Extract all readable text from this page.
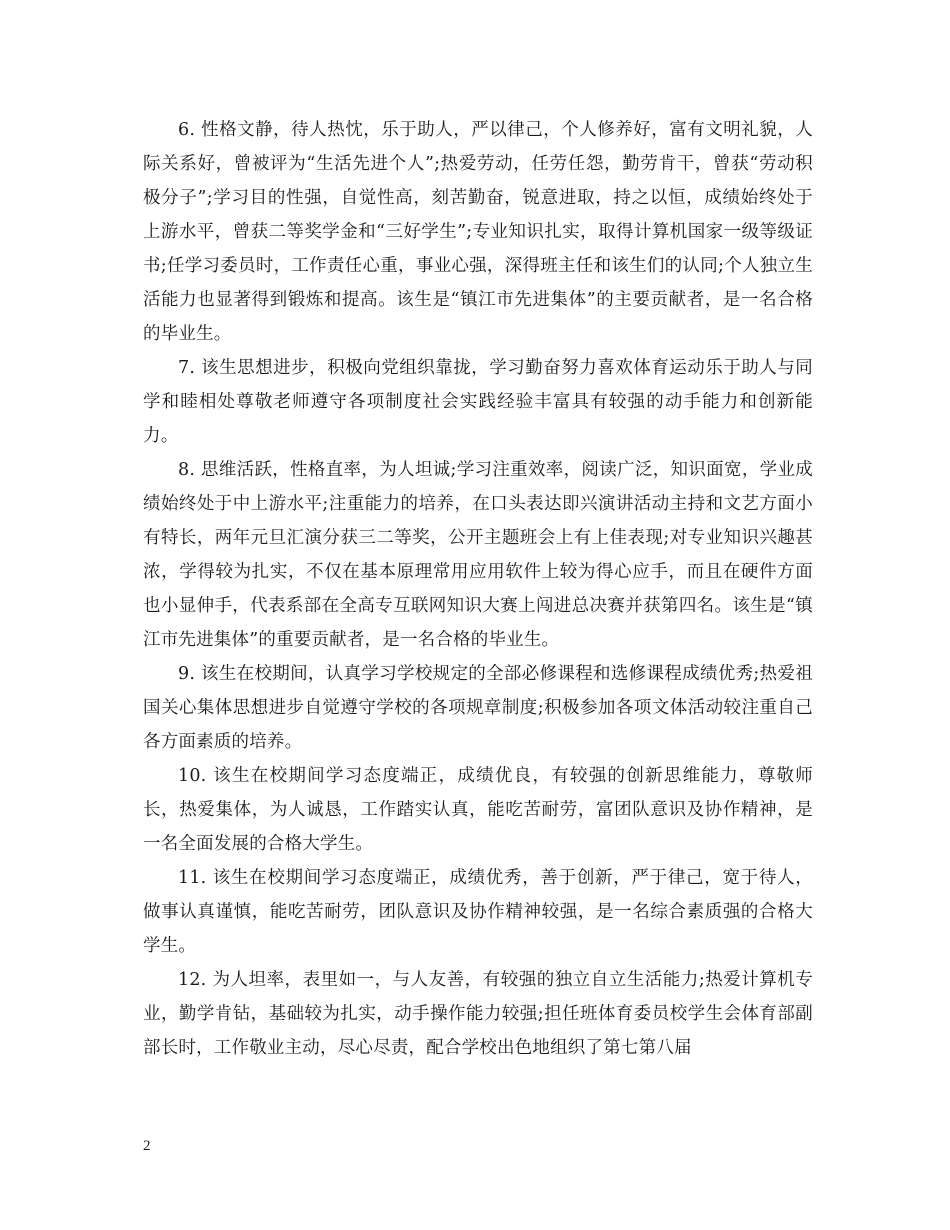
6. 性格文静，待人热忱，乐于助人，严以律己，个人修养好，富有文明礼貌，人际关系好，曾被评为“生活先进个人”;热爱劳动，任劳任怨，勤劳肯干，曾获“劳动积极分子”;学习目的性强，自觉性高，刻苦勤奋，锐意进取，持之以恒，成绩始终处于上游水平，曾获二等奖学金和“三好学生”;专业知识扎实，取得计算机国家一级等级证书;任学习委员时，工作责任心重，事业心强，深得班主任和该生们的认同;个人独立生活能力也显著得到锻炼和提高。该生是“镇江市先进集体”的主要贡献者，是一名合格的毕业生。

7. 该生思想进步，积极向党组织靠拢，学习勤奋努力喜欢体育运动乐于助人与同学和睦相处尊敬老师遵守各项制度社会实践经验丰富具有较强的动手能力和创新能力。

8. 思维活跃，性格直率，为人坦诚;学习注重效率，阅读广泛，知识面宽，学业成绩始终处于中上游水平;注重能力的培养，在口头表达即兴演讲活动主持和文艺方面小有特长，两年元旦汇演分获三二等奖，公开主题班会上有上佳表现;对专业知识兴趣甚浓，学得较为扎实，不仅在基本原理常用应用软件上较为得心应手，而且在硬件方面也小显伸手，代表系部在全高专互联网知识大赛上闯进总决赛并获第四名。该生是“镇江市先进集体”的重要贡献者，是一名合格的毕业生。

9. 该生在校期间，认真学习学校规定的全部必修课程和选修课程成绩优秀;热爱祖国关心集体思想进步自觉遵守学校的各项规章制度;积极参加各项文体活动较注重自己各方面素质的培养。

10. 该生在校期间学习态度端正，成绩优良，有较强的创新思维能力，尊敬师长，热爱集体，为人诚恳，工作踏实认真，能吃苦耐劳，富团队意识及协作精神，是一名全面发展的合格大学生。

11. 该生在校期间学习态度端正，成绩优秀，善于创新，严于律己，宽于待人，做事认真谨慎，能吃苦耐劳，团队意识及协作精神较强，是一名综合素质强的合格大学生。

12. 为人坦率，表里如一，与人友善，有较强的独立自立生活能力;热爱计算机专业，勤学肯钻，基础较为扎实，动手操作能力较强;担任班体育委员校学生会体育部副部长时，工作敬业主动，尽心尽责，配合学校出色地组织了第七第八届

2
